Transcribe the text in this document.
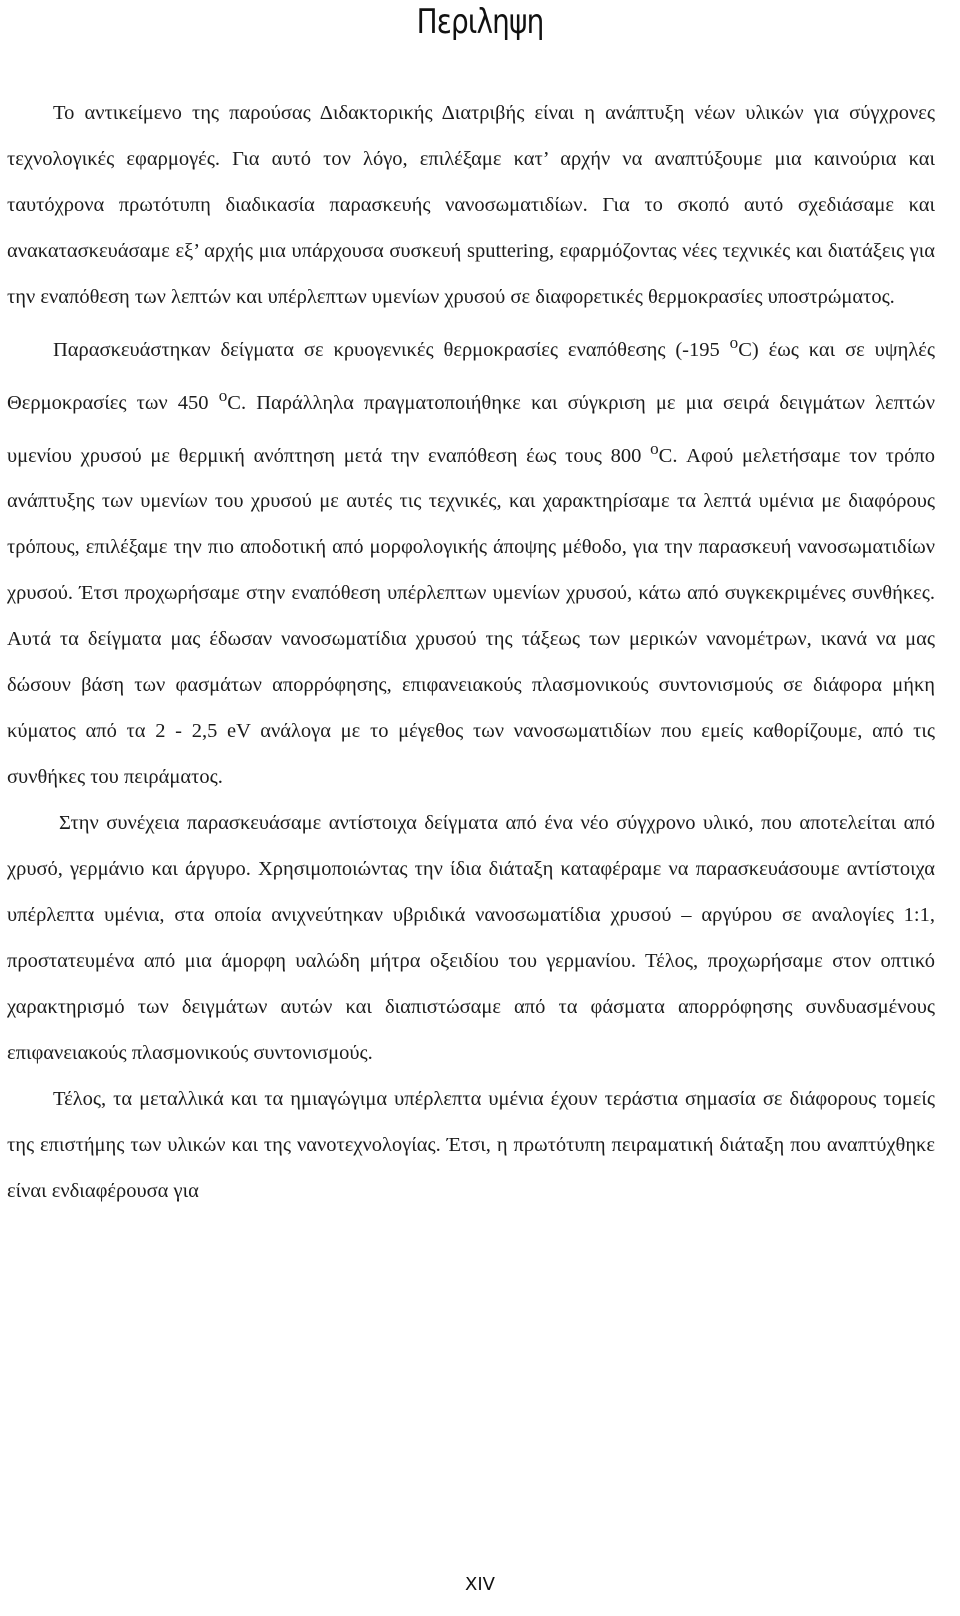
Περιληψη

Το αντικείμενο της παρούσας Διδακτορικής Διατριβής είναι η ανάπτυξη νέων υλικών για σύγχρονες τεχνολογικές εφαρμογές. Για αυτό τον λόγο, επιλέξαμε κατ’ αρχήν να αναπτύξουμε μια καινούρια και ταυτόχρονα πρωτότυπη διαδικασία παρασκευής νανοσωματιδίων. Για το σκοπό αυτό σχεδιάσαμε και ανακατασκευάσαμε εξ’ αρχής μια υπάρχουσα συσκευή sputtering, εφαρμόζοντας νέες τεχνικές και διατάξεις για την εναπόθεση των λεπτών και υπέρλεπτων υμενίων χρυσού σε διαφορετικές θερμοκρασίες υποστρώματος.

Παρασκευάστηκαν δείγματα σε κρυογενικές θερμοκρασίες εναπόθεσης (-195 $^o$C) έως και σε υψηλές Θερμοκρασίες των 450 $^o$C. Παράλληλα πραγματοποιήθηκε και σύγκριση με μια σειρά δειγμάτων λεπτών υμενίου χρυσού με θερμική ανόπτηση μετά την εναπόθεση έως τους 800 $^o$C. Αφού μελετήσαμε τον τρόπο ανάπτυξης των υμενίων του χρυσού με αυτές τις τεχνικές, και χαρακτηρίσαμε τα λεπτά υμένια με διαφόρους τρόπους, επιλέξαμε την πιο αποδοτική από μορφολογικής άποψης μέθοδο, για την παρασκευή νανοσωματιδίων χρυσού. Έτσι προχωρήσαμε στην εναπόθεση υπέρλεπτων υμενίων χρυσού, κάτω από συγκεκριμένες συνθήκες. Αυτά τα δείγματα μας έδωσαν νανοσωματίδια χρυσού της τάξεως των μερικών νανομέτρων, ικανά να μας δώσουν βάση των φασμάτων απορρόφησης, επιφανειακούς πλασμονικούς συντονισμούς σε διάφορα μήκη κύματος από τα 2 - 2,5 eV ανάλογα με το μέγεθος των νανοσωματιδίων που εμείς καθορίζουμε, από τις συνθήκες του πειράματος.

Στην συνέχεια παρασκευάσαμε αντίστοιχα δείγματα από ένα νέο σύγχρονο υλικό, που αποτελείται από χρυσό, γερμάνιο και άργυρο. Χρησιμοποιώντας την ίδια διάταξη καταφέραμε να παρασκευάσουμε αντίστοιχα υπέρλεπτα υμένια, στα οποία ανιχνεύτηκαν υβριδικά νανοσωματίδια χρυσού – αργύρου σε αναλογίες 1:1, προστατευμένα από μια άμορφη υαλώδη μήτρα οξειδίου του γερμανίου. Τέλος, προχωρήσαμε στον οπτικό χαρακτηρισμό των δειγμάτων αυτών και διαπιστώσαμε από τα φάσματα απορρόφησης συνδυασμένους επιφανειακούς πλασμονικούς συντονισμούς.

Τέλος, τα μεταλλικά και τα ημιαγώγιμα υπέρλεπτα υμένια έχουν τεράστια σημασία σε διάφορους τομείς της επιστήμης των υλικών και της νανοτεχνολογίας. Έτσι, η πρωτότυπη πειραματική διάταξη που αναπτύχθηκε είναι ενδιαφέρουσα για

XIV
